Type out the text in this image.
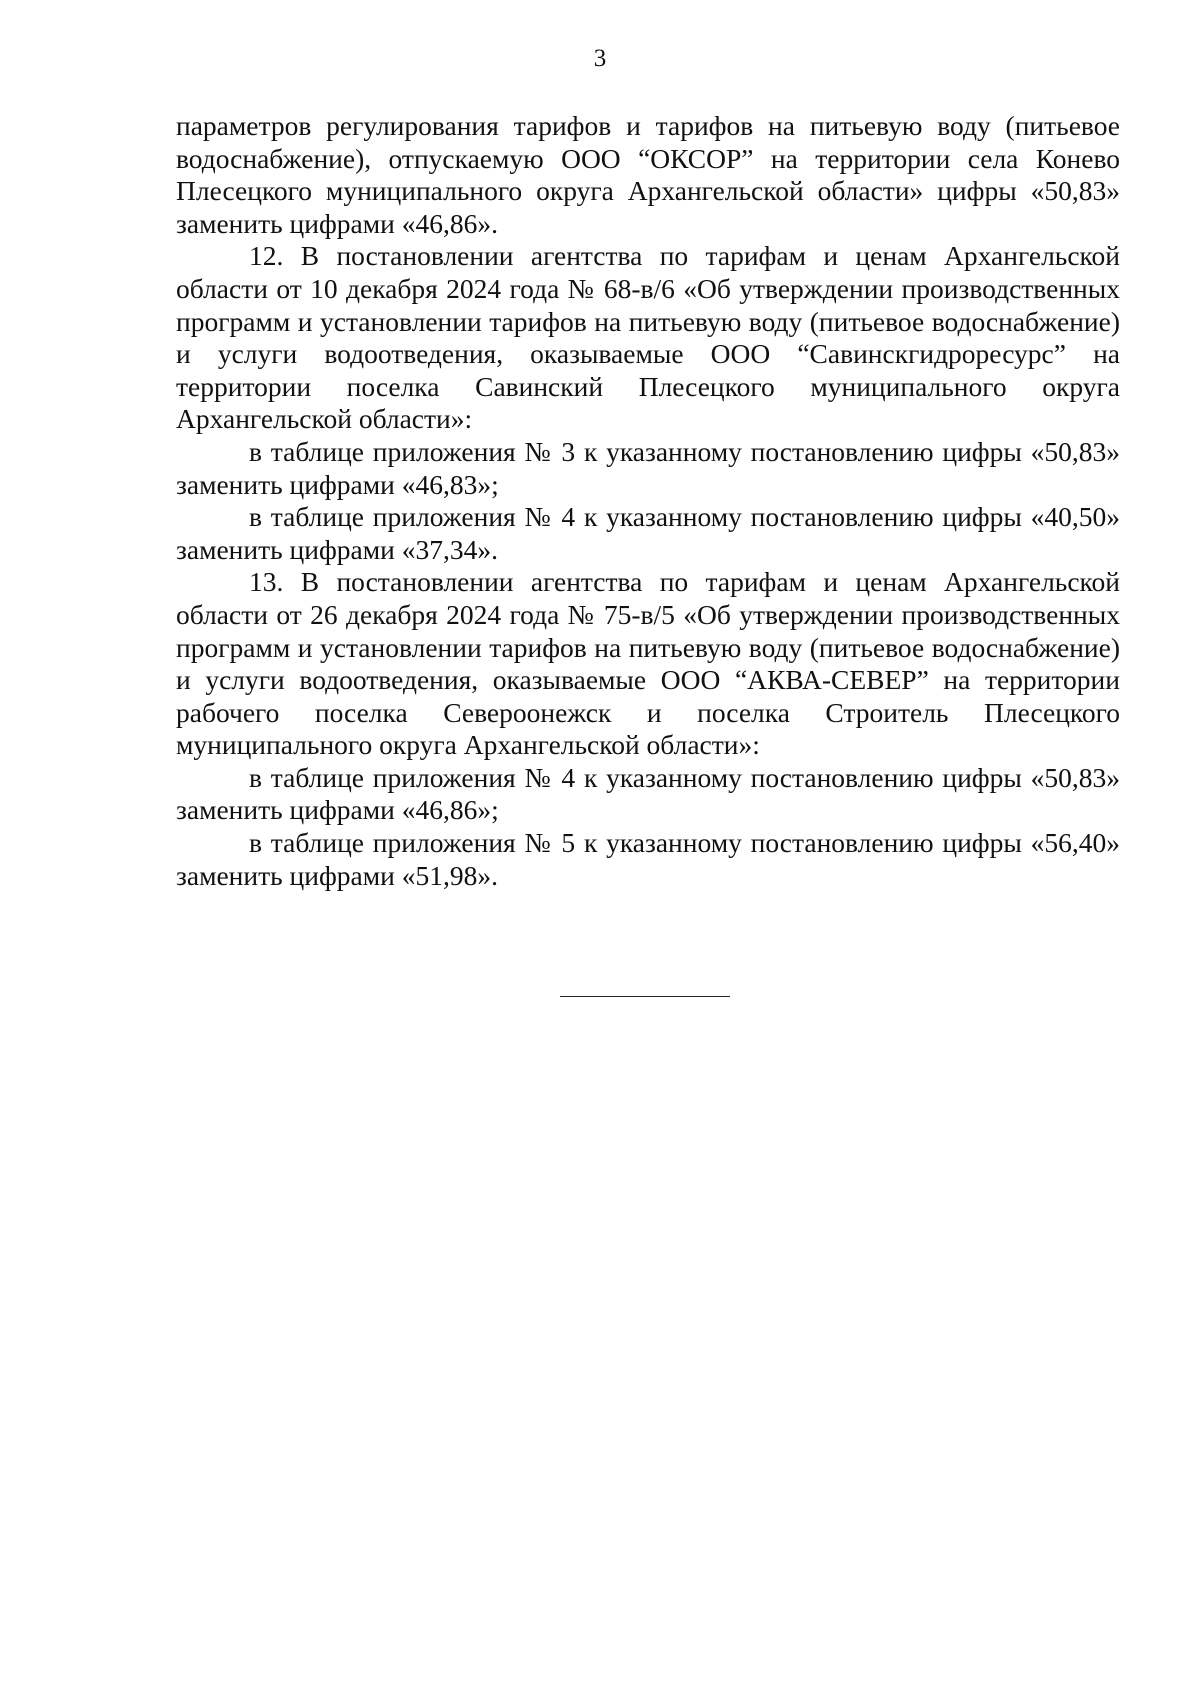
3

параметров регулирования тарифов и тарифов на питьевую воду (питьевое водоснабжение), отпускаемую ООО “ОКСОР” на территории села Конево Плесецкого муниципального округа Архангельской области» цифры «50,83» заменить цифрами «46,86».

12. В постановлении агентства по тарифам и ценам Архангельской области от 10 декабря 2024 года № 68-в/6 «Об утверждении производственных программ и установлении тарифов на питьевую воду (питьевое водоснабжение) и услуги водоотведения, оказываемые ООО “Савинскгидроресурс” на территории поселка Савинский Плесецкого муниципального округа Архангельской области»:

в таблице приложения № 3 к указанному постановлению цифры «50,83» заменить цифрами «46,83»;

в таблице приложения № 4 к указанному постановлению цифры «40,50» заменить цифрами «37,34».

13. В постановлении агентства по тарифам и ценам Архангельской области от 26 декабря 2024 года № 75-в/5 «Об утверждении производственных программ и установлении тарифов на питьевую воду (питьевое водоснабжение) и услуги водоотведения, оказываемые ООО “АКВА-СЕВЕР” на территории рабочего поселка Североонежск и поселка Строитель Плесецкого муниципального округа Архангельской области»:

в таблице приложения № 4 к указанному постановлению цифры «50,83» заменить цифрами «46,86»;

в таблице приложения № 5 к указанному постановлению цифры «56,40» заменить цифрами «51,98».
